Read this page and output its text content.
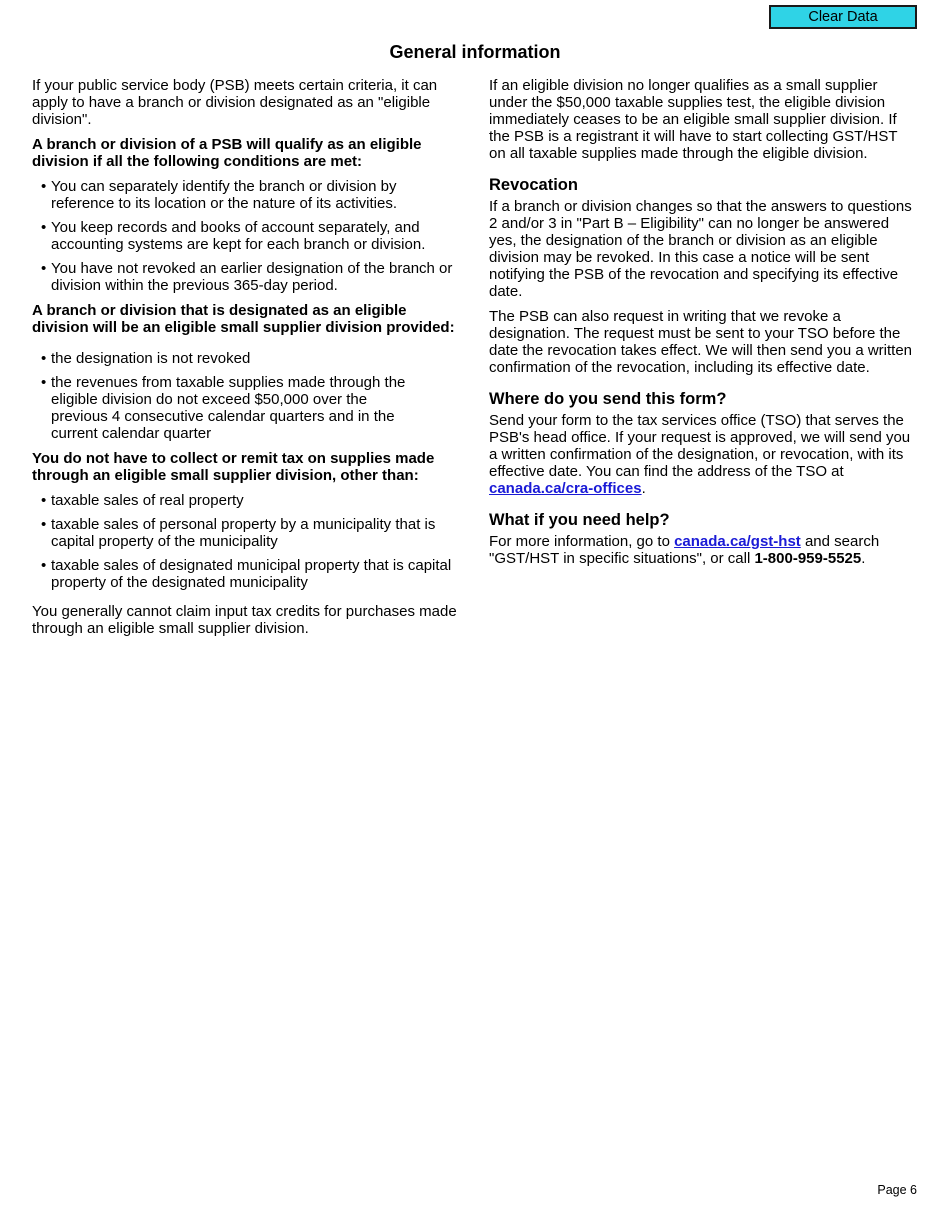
Clear Data
General information

If your public service body (PSB) meets certain criteria, it can apply to have a branch or division designated as an "eligible division".

A branch or division of a PSB will qualify as an eligible division if all the following conditions are met:

• You can separately identify the branch or division by reference to its location or the nature of its activities.
• You keep records and books of account separately, and accounting systems are kept for each branch or division.
• You have not revoked an earlier designation of the branch or division within the previous 365-day period.

A branch or division that is designated as an eligible division will be an eligible small supplier division provided:

• the designation is not revoked
• the revenues from taxable supplies made through the eligible division do not exceed $50,000 over the previous 4 consecutive calendar quarters and in the current calendar quarter

You do not have to collect or remit tax on supplies made through an eligible small supplier division, other than:

• taxable sales of real property
• taxable sales of personal property by a municipality that is capital property of the municipality
• taxable sales of designated municipal property that is capital property of the designated municipality

You generally cannot claim input tax credits for purchases made through an eligible small supplier division.

If an eligible division no longer qualifies as a small supplier under the $50,000 taxable supplies test, the eligible division immediately ceases to be an eligible small supplier division. If the PSB is a registrant it will have to start collecting GST/HST on all taxable supplies made through the eligible division.

Revocation

If a branch or division changes so that the answers to questions 2 and/or 3 in "Part B – Eligibility" can no longer be answered yes, the designation of the branch or division as an eligible division may be revoked. In this case a notice will be sent notifying the PSB of the revocation and specifying its effective date.

The PSB can also request in writing that we revoke a designation. The request must be sent to your TSO before the date the revocation takes effect. We will then send you a written confirmation of the revocation, including its effective date.

Where do you send this form?

Send your form to the tax services office (TSO) that serves the PSB's head office. If your request is approved, we will send you a written confirmation of the designation, or revocation, with its effective date. You can find the address of the TSO at canada.ca/cra-offices.

What if you need help?

For more information, go to canada.ca/gst-hst and search "GST/HST in specific situations", or call 1-800-959-5525.

Page 6
